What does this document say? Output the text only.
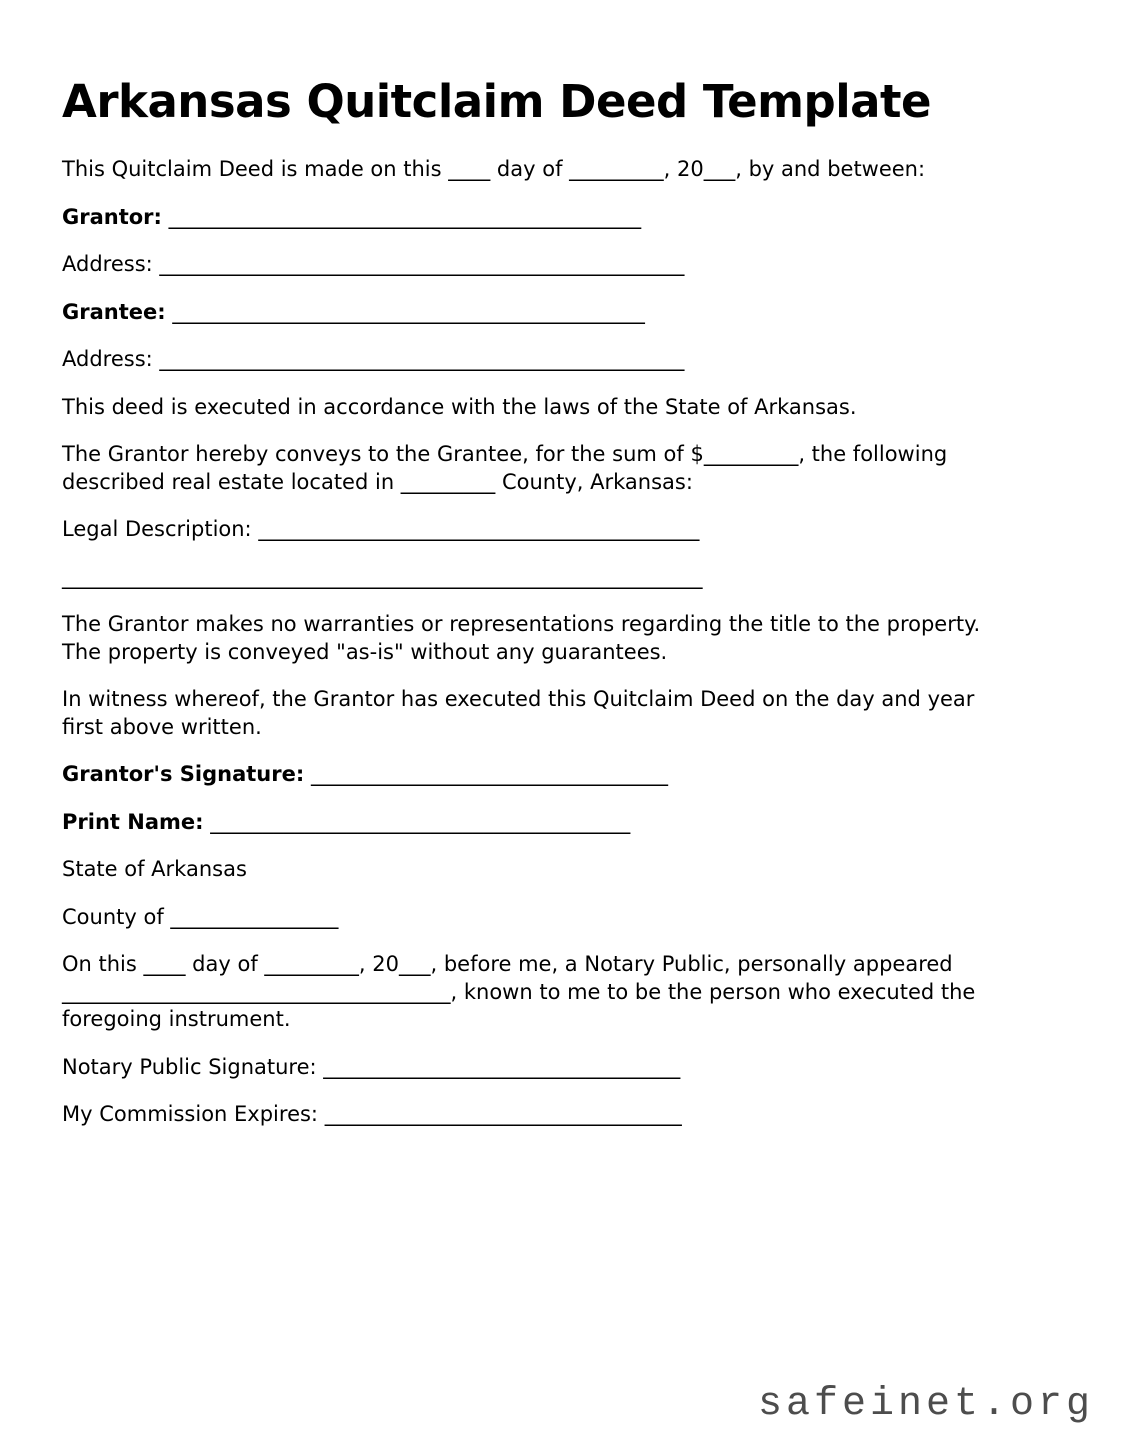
Arkansas Quitclaim Deed Template

This Quitclaim Deed is made on this ____ day of _________, 20___, by and between:

Grantor: _____________________________________________

Address: __________________________________________________

Grantee: _____________________________________________

Address: __________________________________________________

This deed is executed in accordance with the laws of the State of Arkansas.

The Grantor hereby conveys to the Grantee, for the sum of $_________, the following
described real estate located in _________ County, Arkansas:

Legal Description: __________________________________________

_____________________________________________________________

The Grantor makes no warranties or representations regarding the title to the property.
The property is conveyed "as-is" without any guarantees.

In witness whereof, the Grantor has executed this Quitclaim Deed on the day and year
first above written.

Grantor's Signature: __________________________________

Print Name: ________________________________________

State of Arkansas

County of ________________

On this ____ day of _________, 20___, before me, a Notary Public, personally appeared
_____________________________________, known to me to be the person who executed the
foregoing instrument.

Notary Public Signature: __________________________________

My Commission Expires: __________________________________

safeinet.org
